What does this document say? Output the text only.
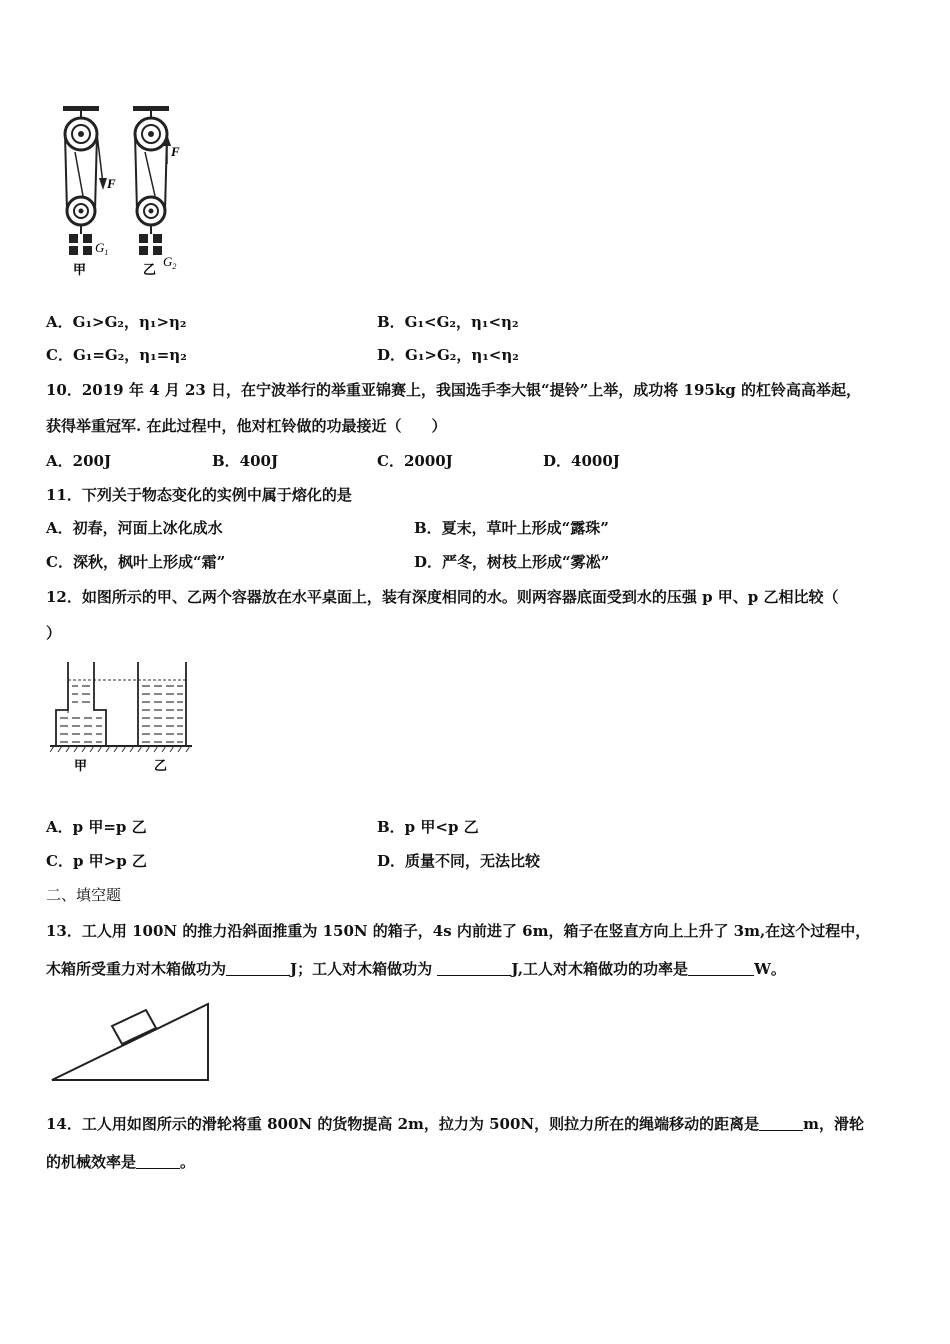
F
$G_1$
甲
F
$G_2$
乙
A．G₁>G₂，η₁>η₂	B．G₁<G₂，η₁<η₂
C．G₁=G₂，η₁=η₂	D．G₁>G₂，η₁<η₂
10．2019 年 4 月 23 日，在宁波举行的举重亚锦赛上，我国选手李大银“提铃”上举，成功将 195kg 的杠铃高高举起，
获得举重冠军. 在此过程中，他对杠铃做的功最接近（　　）
A．200J	B．400J	C．2000J	D．4000J
11．下列关于物态变化的实例中属于熔化的是
A．初春，河面上冰化成水	B．夏末，草叶上形成“露珠”
C．深秋，枫叶上形成“霜”	D．严冬，树枝上形成“雾凇”
12．如图所示的甲、乙两个容器放在水平桌面上，装有深度相同的水。则两容器底面受到水的压强 p 甲、p 乙相比较（
）
甲	乙
A．p 甲=p 乙	B．p 甲<p 乙
C．p 甲>p 乙	D．质量不同，无法比较
二、填空题
13．工人用 100N 的推力沿斜面推重为 150N 的箱子，4s 内前进了 6m，箱子在竖直方向上上升了 3m,在这个过程中，
木箱所受重力对木箱做功为	J；工人对木箱做功为	J,工人对木箱做功的功率是	W。
14．工人用如图所示的滑轮将重 800N 的货物提高 2m，拉力为 500N，则拉力所在的绳端移动的距离是	m，滑轮
的机械效率是	。
